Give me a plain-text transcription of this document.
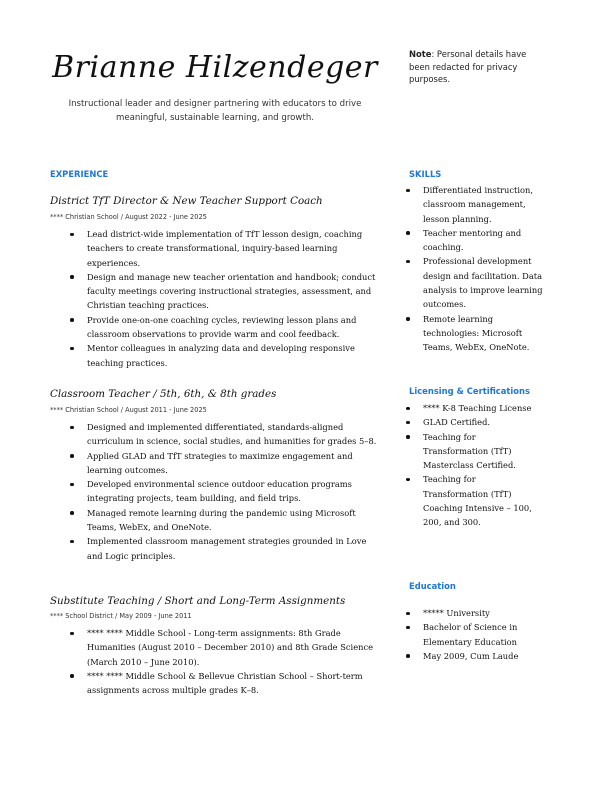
Brianne Hilzendeger
Instructional leader and designer partnering with educators to drive meaningful, sustainable learning, and growth.
Note: Personal details have been redacted for privacy purposes.
EXPERIENCE
District TfT Director & New Teacher Support Coach
**** Christian School / August 2022 - June 2025
Lead district-wide implementation of TfT lesson design, coaching teachers to create transformational, inquiry-based learning experiences.
Design and manage new teacher orientation and handbook; conduct faculty meetings covering instructional strategies, assessment, and Christian teaching practices.
Provide one-on-one coaching cycles, reviewing lesson plans and classroom observations to provide warm and cool feedback.
Mentor colleagues in analyzing data and developing responsive teaching practices.
Classroom Teacher / 5th, 6th, & 8th grades
**** Christian School / August 2011 - June 2025
Designed and implemented differentiated, standards-aligned curriculum in science, social studies, and humanities for grades 5–8.
Applied GLAD and TfT strategies to maximize engagement and learning outcomes.
Developed environmental science outdoor education programs integrating projects, team building, and field trips.
Managed remote learning during the pandemic using Microsoft Teams, WebEx, and OneNote.
Implemented classroom management strategies grounded in Love and Logic principles.
Substitute Teaching / Short and Long-Term Assignments
**** School District / May 2009 - June 2011
**** **** Middle School - Long-term assignments: 8th Grade Humanities (August 2010 – December 2010) and 8th Grade Science (March 2010 – June 2010).
**** **** Middle School & Bellevue Christian School – Short-term assignments across multiple grades K–8.
SKILLS
Differentiated instruction, classroom management, lesson planning.
Teacher mentoring and coaching.
Professional development design and facilitation. Data analysis to improve learning outcomes.
Remote learning technologies: Microsoft Teams, WebEx, OneNote.
Licensing & Certifications
**** K-8 Teaching License
GLAD Certified.
Teaching for Transformation (TfT) Masterclass Certified.
Teaching for Transformation (TfT) Coaching Intensive – 100, 200, and 300.
Education
***** University
Bachelor of Science in Elementary Education
May 2009, Cum Laude
